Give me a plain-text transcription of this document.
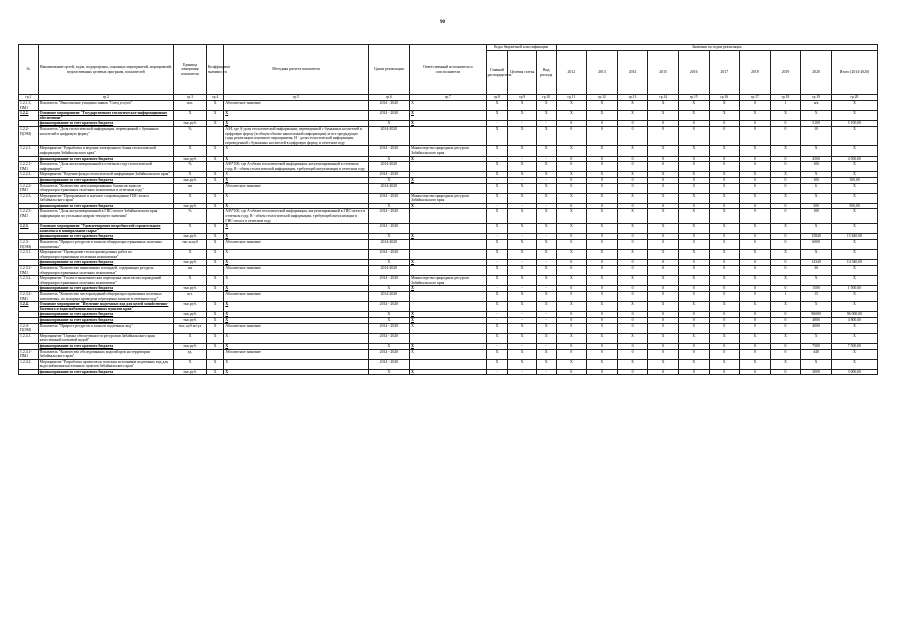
90
№	Наименование целей, задач, подпрограмм, основных мероприятий, мероприятий, ведомственных целевых программ, показателей	Единица измерения показателя	Коэффициент значимости	Методика расчета показателя	Сроки реализации	Ответственный исполнитель и соисполнители	Коды бюджетной классификации			Значения по годам реализации									
							Главный распорядитель	Целевая статья	Вид расхода	2012	2013	2014	2015	2016	2017	2018	2019	2020	Итого (2014-2020)
гр.1	гр.2	гр.3	гр.4	гр.5	гр.6	гр.7	гр.8	гр.9	гр.10	гр.11	гр.12	гр.13	гр.14	гр.15	гр.16	гр.17	гр.18	гр.19	гр.20
1.2.1.3. ПМ1	Показатель "Выполнение учащими заявок "Спец услуги"	тыс.	Х	Абсолютное значение	2014 - 2020	Х	Х	Х	Х	Х	Х	Х	Х	Х	Х	0	1	н/а	Х
1.2.2.	Основное мероприятие "Государственное геологическое информационное обеспечение"	Х	Х	Х	2014 - 2020	Х	Х	Х	Х	Х	Х	Х	Х	Х	Х	Х	Х	Х	Х
	финансирование за счет краевого бюджета	тыс.руб.	Х	Х	Х	Х	-	-	-	0	0	0	0	0	0	0	0	5100	5 100,00
1.2.2- П(ЭМ)	Показатель "Доля геологической информации, переведенной с бумажных носителей в цифровую форму"	%		А/Н, где А-доля геологической информации, переведенной с бумажных носителей в цифровую форму (в общем объеме накопленной информации) за все предыдущие годы реализации основного мероприятия, Н - доля геологической информации, переведенной с бумажных носителей в цифровую форму, в отчетном году	2014-2020		Х	Х	Х	0	0	0	0	0	0	0	0	10	Х
1.2.2.1.	Мероприятие "Разработка и ведение электронного банка геологической информации Забайкальского края"	Х	Х	Х	2014 - 2020	Министерство природных ресурсов Забайкальского края	Х	Х	Х	Х	Х	Х	Х	Х	Х	Х	Х	Х	Х
	финансирование за счет краевого бюджета	тыс.руб.	Х	Х	Х	Х	-	-	-	0	0	0	0	0	0	0	0	4500	4 500,00
1.2.2.1- ПМ1	Показатель "Доля актуализированной в отчетном году геологической информации"	%		А/В*100, где А-объем геологической информации, актуализированной в отчетном году, В - объем геологической информации, требующей актуализации в отчетном году	2014-2020		Х	Х	Х	0	0	0	0	0	0	0	0	100	Х
1.2.2.2.	Мероприятие "Ведение фонда геологической информации Забайкальского края"	Х	Х	Х	2014 - 2020		Х	Х	Х	Х	Х	Х	Х	Х	Х	Х	Х	Х	Х
	финансирование за счет краевого бюджета	тыс.руб.	Х	Х	Х	Х	-	-	-	0	0	0	0	0	0	0	0	100	100,00
1.2.2.2- ПМ1	Показатель "Количество актуализированных балансов запасов общераспространенных полезных ископаемых в отчетном году"	шт		Абсолютное значение	2014-2020		Х	Х	Х	0	0	0	0	0	0	0	0	6	Х
1.2.2.3.	Мероприятие "Программное и научное сопровождение ГИС-атласа Забайкальского края"	Х	Х	Х	2014 - 2020	Министерство природных ресурсов Забайкальского края	Х	Х	Х	Х	Х	Х	Х	Х	Х	Х	Х	Х	Х
	финансирование за счет краевого бюджета	тыс.руб.	Х	Х	Х	Х	-	-	-	0	0	0	0	0	0	0	0	500	500,00
1.2.2.3- ПМ1	Показатель "Доля актуализированной в ГИС-атласе Забайкальского края информации по угольным недрам текущего значения"	%		А/В*100, где А-объем геологической информации, актуализированной в ГИС-атласе в отчетном году, В - объем геологической информации, требующей актуализации в ГИС-атласе в отчетном году	2014 - 2020		Х	Х	Х	Х	Х	Х	Х	Х	Х	0	0	100	Х
1.2.3.	Основное мероприятие "Удовлетворение потребностей строительного комплекса в минеральном сырье"	Х	Х	Х	2014 - 2020		Х	Х	Х	Х	Х	Х	Х	Х	Х	Х	Х	Х	Х
	финансирование за счет краевого бюджета	тыс.руб.	Х	Х	Х	Х	-	-	-	0	0	0	0	0	0	0	0	15840	15 840,00
1.2.3- П(ЭМ)	Показатель "Прирост ресурсов и запасов общераспространенных полезных ископаемых"	тыс.м.куб	Х	Абсолютное значение	2014-2020		Х	Х	Х	0	0	0	0	0	0	0	0	6000	Х
1.2.3.1.	Мероприятие "Проведение геологоразведочных работ по общераспространенным полезным ископаемым"	Х	Х	Х	2014 - 2020		Х	Х	Х	Х	Х	Х	Х	Х	Х	Х	Х	Х	Х
	финансирование за счет краевого бюджета	тыс.руб.	Х	Х	Х	Х	-	-	-	0	0	0	0	0	0	0	0	14340	14 340,00
1.2.3.1- ПМ1	Показатель "Количество выявленных площадей, содержащих ресурсы общераспространенных полезных ископаемых"	шт		Абсолютное значение	2014-2020		Х	Х	Х	0	0	0	0	0	0	0	0	30	Х
1.2.3.2.	Мероприятие "Геолого-экономическая переоценка запасов месторождений общераспространенных полезных ископаемых"	Х	Х	Х	2014 - 2020	Министерство природных ресурсов Забайкальского края	Х	Х	Х	Х	Х	Х	Х	Х	Х	Х	Х	Х	Х
	финансирование за счет краевого бюджета	тыс.руб.	Х	Х	Х	Х	-	-	-	0	0	0	0	0	0	0	0	1500	1 500,00
1.2.3.2- ПМ1	Показатель "Количество месторождений общераспространенных полезных ископаемых, по которым проведена переоценка запасов в отчетном году"	шт.		Абсолютное значение	2014-2020		Х	Х	Х	0	0	0	0	0	0	0	1	15	Х
1.2.4.	Основное мероприятие "Изучение подземных вод для целей хозяйственно-бытового и водоснабжения населенных пунктов края"	тыс.руб.	Х	Х	2014 - 2020		Х	Х	Х	Х	Х	Х	Х	Х	Х	Х	Х	Х	Х
	финансирование за счет краевого бюджета	тыс.руб.	Х	Х	Х	Х	-	-	-	0	0	0	0	0	0	0	0	96000	96 000,00
	финансирование за счет краевого бюджета	тыс.руб.	Х	Х	Х	Х	-	-	-	0	0	0	0	0	0	0	0	4800	4 800,00
1.2.4- П(ЭМ)	Показатель "Прирост ресурсов и запасов подземных вод"	тыс. куб.м/сут	Х	Абсолютное значение	2014 - 2020	Х	Х	Х	Х	0	0	0	0	0	0	0	0	4000	Х
1.2.4.1.	Мероприятие "Оценка обеспеченности ресурсами Забайкальского края качественной питьевой водой"	Х	Х	Х	2014 - 2020		Х	Х	Х	Х	Х	Х	Х	Х	Х	Х	Х	Х	Х
	финансирование за счет краевого бюджета	тыс.руб.	Х	Х	Х	Х	-	-	-	0	0	0	0	0	0	0	0	7500	7 500,00
1.2.4.1- ПМ1	Показатель "Количество обследованных водозаборов на территории Забайкальского края"	ед.		Абсолютное значение	2014 - 2020	Х	Х	Х	Х	0	0	0	0	0	0	0	0	440	Х
1.2.4.2.	Мероприятие "Разработка проектов по поискам источников подземных вод для водоснабжения населенных пунктов Забайкальского края"	Х	Х	Х	2014 - 2020		Х	Х	Х	Х	Х	Х	Х	Х	Х	Х	Х	Х	Х
	финансирование за счет краевого бюджета	тыс.руб.	Х	Х	Х	Х	-	-	-	0	0	0	0	0	0	0	0	3000	3 000,00
